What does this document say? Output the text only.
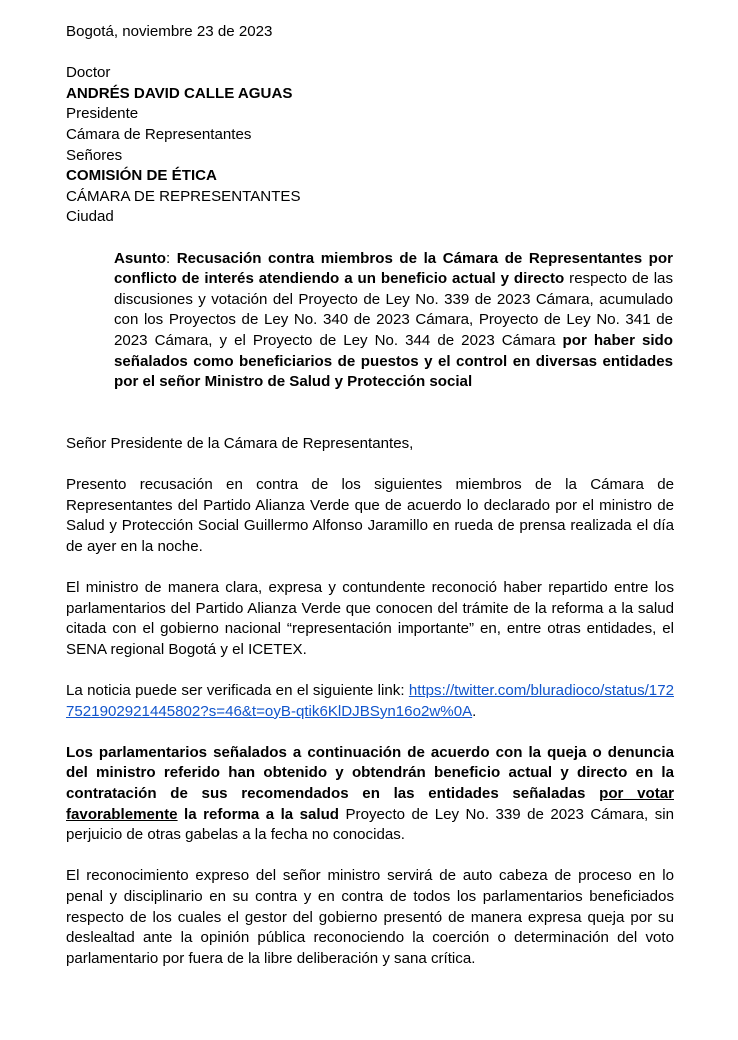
Bogotá, noviembre 23 de 2023
Doctor
ANDRÉS DAVID CALLE AGUAS
Presidente
Cámara de Representantes
Señores
COMISIÓN DE ÉTICA
CÁMARA DE REPRESENTANTES
Ciudad
Asunto: Recusación contra miembros de la Cámara de Representantes por conflicto de interés atendiendo a un beneficio actual y directo respecto de las discusiones y votación del Proyecto de Ley No. 339 de 2023 Cámara, acumulado con los Proyectos de Ley No. 340 de 2023 Cámara, Proyecto de Ley No. 341 de 2023 Cámara, y el Proyecto de Ley No. 344 de 2023 Cámara por haber sido señalados como beneficiarios de puestos y el control en diversas entidades por el señor Ministro de Salud y Protección social
Señor Presidente de la Cámara de Representantes,

Presento recusación en contra de los siguientes miembros de la Cámara de Representantes del Partido Alianza Verde que de acuerdo lo declarado por el ministro de Salud y Protección Social Guillermo Alfonso Jaramillo en rueda de prensa realizada el día de ayer en la noche.

El ministro de manera clara, expresa y contundente reconoció haber repartido entre los parlamentarios del Partido Alianza Verde que conocen del trámite de la reforma a la salud citada con el gobierno nacional “representación importante” en, entre otras entidades, el SENA regional Bogotá y el ICETEX.

La noticia puede ser verificada en el siguiente link: https://twitter.com/bluradioco/status/1727521902921445802?s=46&t=oyB-qtik6KlDJBSyn16o2w%0A.

Los parlamentarios señalados a continuación de acuerdo con la queja o denuncia del ministro referido han obtenido y obtendrán beneficio actual y directo en la contratación de sus recomendados en las entidades señaladas por votar favorablemente la reforma a la salud Proyecto de Ley No. 339 de 2023 Cámara, sin perjuicio de otras gabelas a la fecha no conocidas.

El reconocimiento expreso del señor ministro servirá de auto cabeza de proceso en lo penal y disciplinario en su contra y en contra de todos los parlamentarios beneficiados respecto de los cuales el gestor del gobierno presentó de manera expresa queja por su deslealtad ante la opinión pública reconociendo la coerción o determinación del voto parlamentario por fuera de la libre deliberación y sana crítica.
